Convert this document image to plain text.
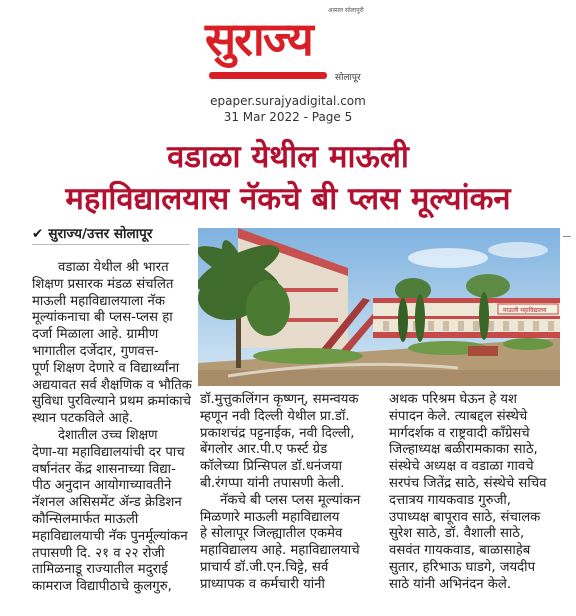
अस्सल सोलापुरी
सुराज्य
सोलापूर
epaper.surajyadigital.com
31 Mar 2022 - Page 5
वडाळा येथील माऊली
महाविद्यालयास नॅकचे बी प्लस मूल्यांकन
✔ सुराज्य/उत्तर सोलापूर
माऊली महाविद्यालय

वडाळा येथील श्री भारत

शिक्षण प्रसारक मंडळ संचलित

माऊली महाविद्यालयाला नॅक

मूल्यांकनाचा बी प्लस-प्लस हा

दर्जा मिळाला आहे. ग्रामीण

भागातील दर्जेदार, गुणवत्त-

पूर्ण शिक्षण देणारे व विद्यार्थ्यांना

अद्ययावत सर्व शैक्षणिक व भौतिक

सुविधा पुरविल्याने प्रथम क्रमांकाचे

स्थान पटकविले आहे.

देशातील उच्च शिक्षण

देणा-या महाविद्यालयांची दर पाच

वर्षानंतर केंद्र शासनाच्या विद्या-

पीठ अनुदान आयोगाच्यावतीने

नॅशनल असिसमेंट ॲन्ड क्रेडिशन

कौन्सिलमार्फत माऊली

महाविद्यालयाची नॅक पुनर्मूल्यांकन

तपासणी दि. २१ व २२ रोजी

तामिळनाडू राज्यातील मदुराई

कामराज विद्यापीठाचे कुलगुरु,

डॉ.मुत्तुकलिंगन कृष्णन्, समन्वयक

म्हणून नवी दिल्ली येथील प्रा.डॉ.

प्रकाशचंद्र पट्टनाईक, नवी दिल्ली,

बेंगलोर आर.पी.ए फर्स्ट ग्रेड

कॉलेच्या प्रिन्सिपल डॉ.धनंजया

बी.रंगप्पा यांनी तपासणी केली.

नॅकचे बी प्लस प्लस मूल्यांकन

मिळणारे माऊली महाविद्यालय

हे सोलापूर जिल्ह्यातील एकमेव

महाविद्यालय आहे. महाविद्यालयाचे

प्राचार्य डॉ.जी.एन.चिट्टे, सर्व

प्राध्यापक व कर्मचारी यांनी

अथक परिश्रम घेऊन हे यश

संपादन केले. त्याबद्दल संस्थेचे

मार्गदर्शक व राष्ट्रवादी काँग्रेसचे

जिल्हाध्यक्ष बळीरामकाका साठे,

संस्थेचे अध्यक्ष व वडाळा गावचे

सरपंच जितेंद्र साठे, संस्थेचे सचिव

दत्तात्रय गायकवाड गुरुजी,

उपाध्यक्ष बापूराव साठे, संचालक

सुरेश साठे, डॉ. वैशाली साठे,

वसवंत गायकवाड, बाळासाहेब

सुतार, हरिभाऊ घाडगे, जयदीप

साठे यांनी अभिनंदन केले.
